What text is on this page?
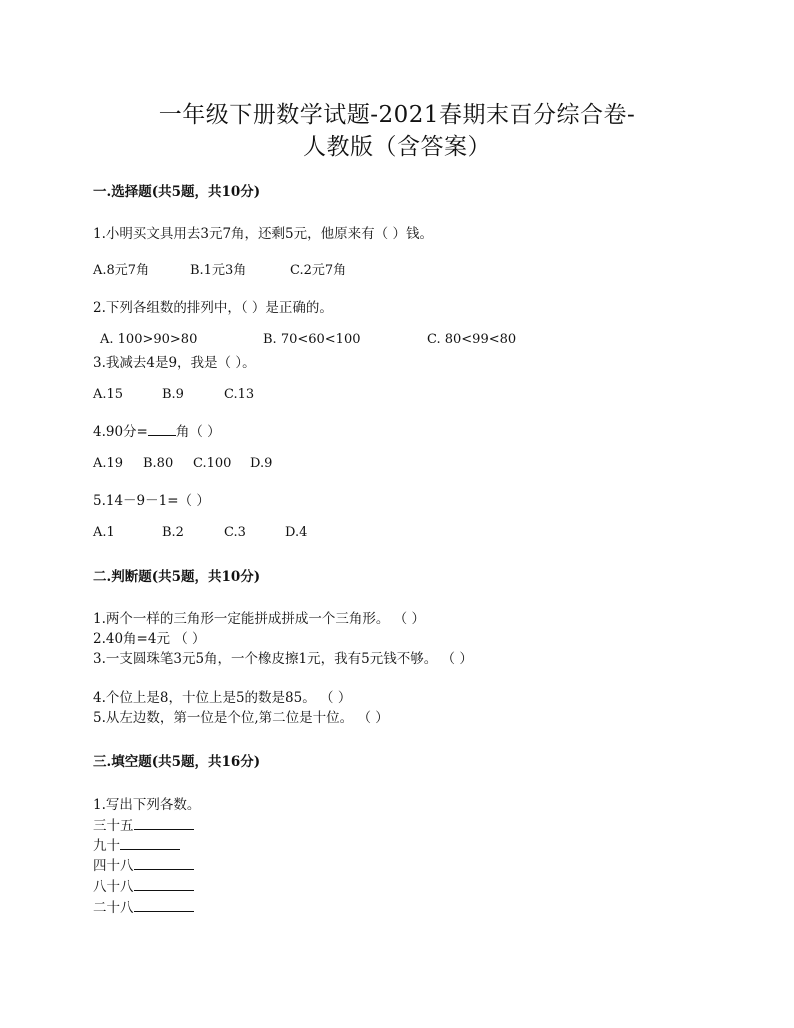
一年级下册数学试题-2021春期末百分综合卷-
人教版（含答案）
一.选择题(共5题，共10分)
1.小明买文具用去3元7角，还剩5元，他原来有（ ）钱。
A.8元7角	B.1元3角	C.2元7角
2.下列各组数的排列中，（ ）是正确的。
A. 100>90>80	B. 70<60<100	C. 80<99<80
3.我减去4是9，我是（ ）。
A.15	B.9	C.13
4.90分= 角（ ）
A.19 B.80 C.100 D.9
5.14－9－1=（ ）
A.1	B.2	C.3	D.4
二.判断题(共5题，共10分)
1.两个一样的三角形一定能拼成拼成一个三角形。 （ ）
2.40角=4元 （ ）
3.一支圆珠笔3元5角，一个橡皮擦1元，我有5元钱不够。 （ ）
4.个位上是8，十位上是5的数是85。 （ ）
5.从左边数，第一位是个位,第二位是十位。 （ ）
三.填空题(共5题，共16分)
1.写出下列各数。
三十五
九十
四十八
八十八
二十八
